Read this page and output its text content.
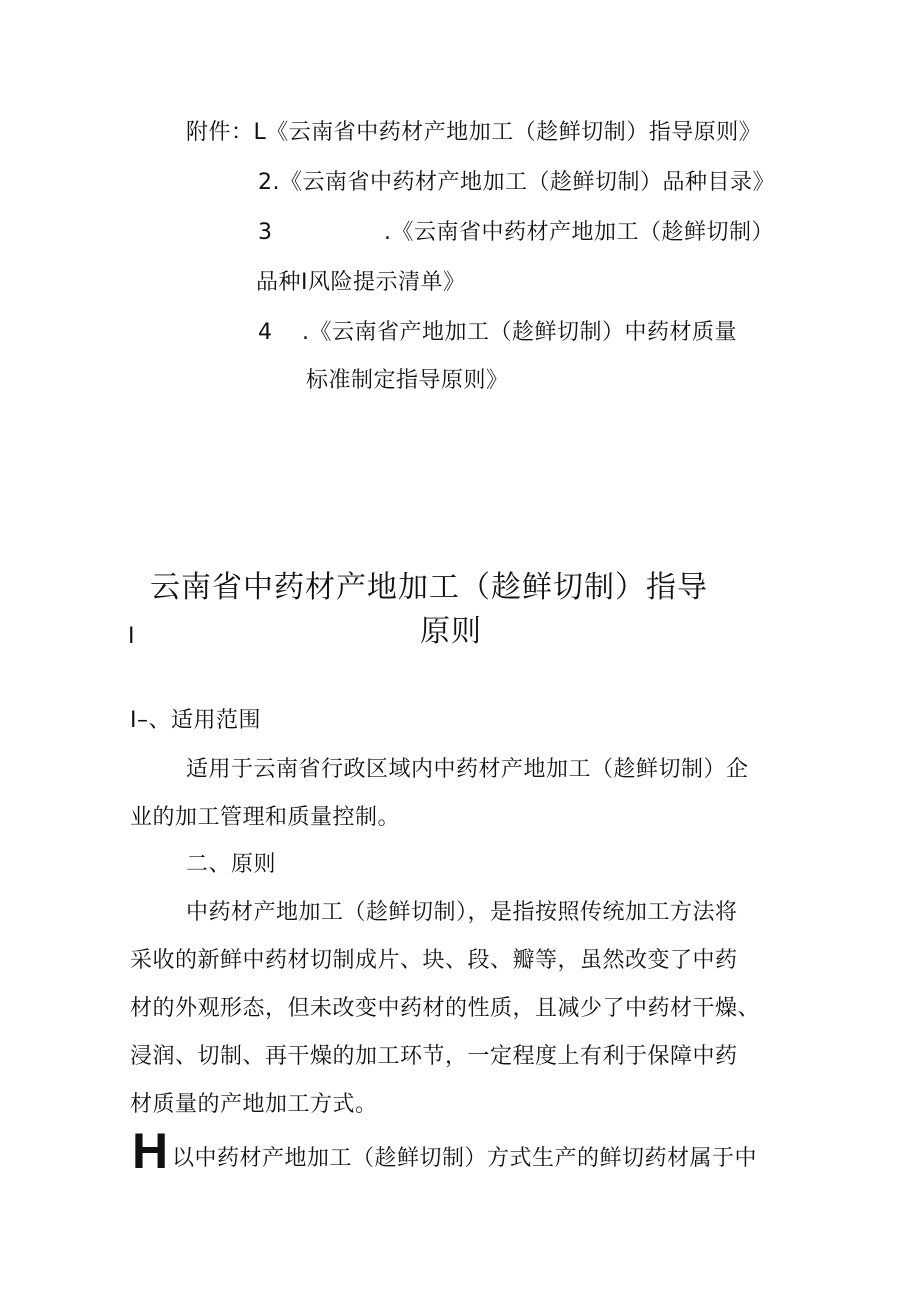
附件：L《云南省中药材产地加工（趁鲜切制）指导原则》
2.《云南省中药材产地加工（趁鲜切制）品种目录》
3	.《云南省中药材产地加工（趁鲜切制）
品种I风险提示清单》
4 .《云南省产地加工（趁鲜切制）中药材质量
标准制定指导原则》
云南省中药材产地加工（趁鲜切制）指导
I	原则
I–、适用范围
适用于云南省行政区域内中药材产地加工（趁鲜切制）企
业的加工管理和质量控制。
二、原则
中药材产地加工（趁鲜切制），是指按照传统加工方法将
采收的新鲜中药材切制成片、块、段、瓣等，虽然改变了中药
材的外观形态，但未改变中药材的性质，且减少了中药材干燥、
浸润、切制、再干燥的加工环节，一定程度上有利于保障中药
材质量的产地加工方式。
H 以中药材产地加工（趁鲜切制）方式生产的鲜切药材属于中
